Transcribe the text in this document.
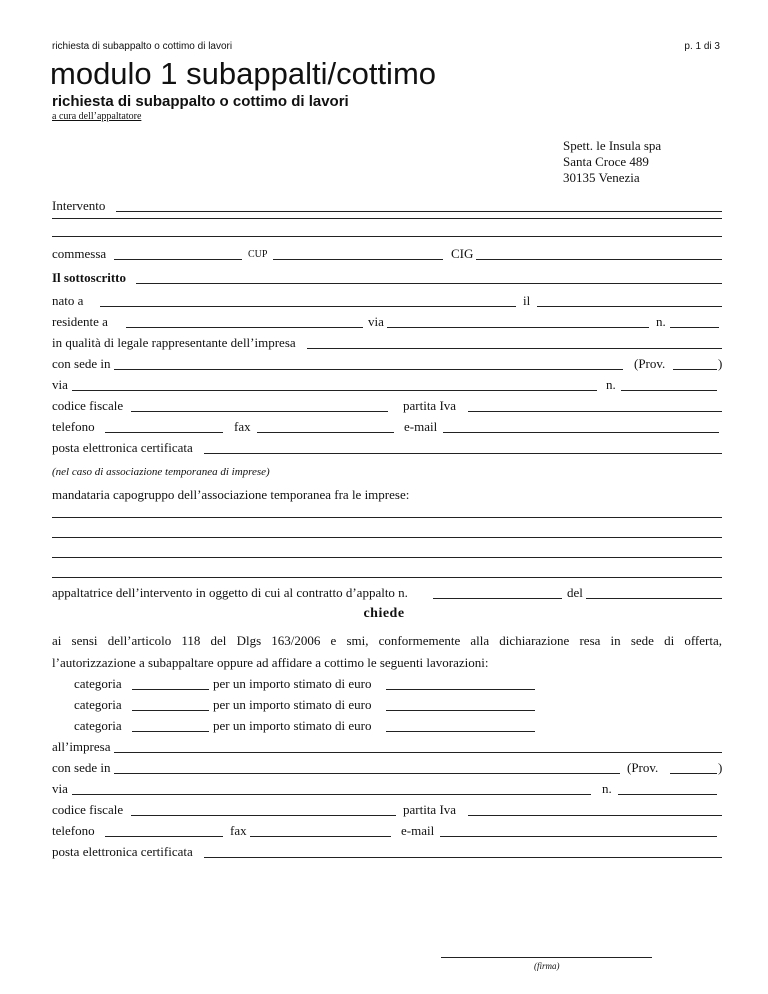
richiesta di subappalto o cottimo di lavori	p. 1 di 3
modulo 1 subappalti/cottimo
richiesta di subappalto o cottimo di lavori
a cura dell’appaltatore
Spett. le Insula spa
Santa Croce 489
30135 Venezia
Intervento
commessa	CUP	CIG
Il sottoscritto
nato a	il
residente a	via	n.
in qualità di legale rappresentante dell’impresa
con sede in	(Prov.	)
via	n.
codice fiscale	partita Iva
telefono	fax	e-mail
posta elettronica certificata
(nel caso di associazione temporanea di imprese)
mandataria capogruppo dell’associazione temporanea fra le imprese:
appaltatrice dell’intervento in oggetto di cui al contratto d’appalto n.	del
chiede
ai sensi dell’articolo 118 del Dlgs 163/2006 e smi, conformemente alla dichiarazione resa in sede di offerta,
l’autorizzazione a subappaltare oppure ad affidare a cottimo le seguenti lavorazioni:
categoria	per un importo stimato di euro
categoria	per un importo stimato di euro
categoria	per un importo stimato di euro
all’impresa
con sede in	(Prov.	)
via	n.
codice fiscale	partita Iva
telefono	fax	e-mail
posta elettronica certificata
(firma)
